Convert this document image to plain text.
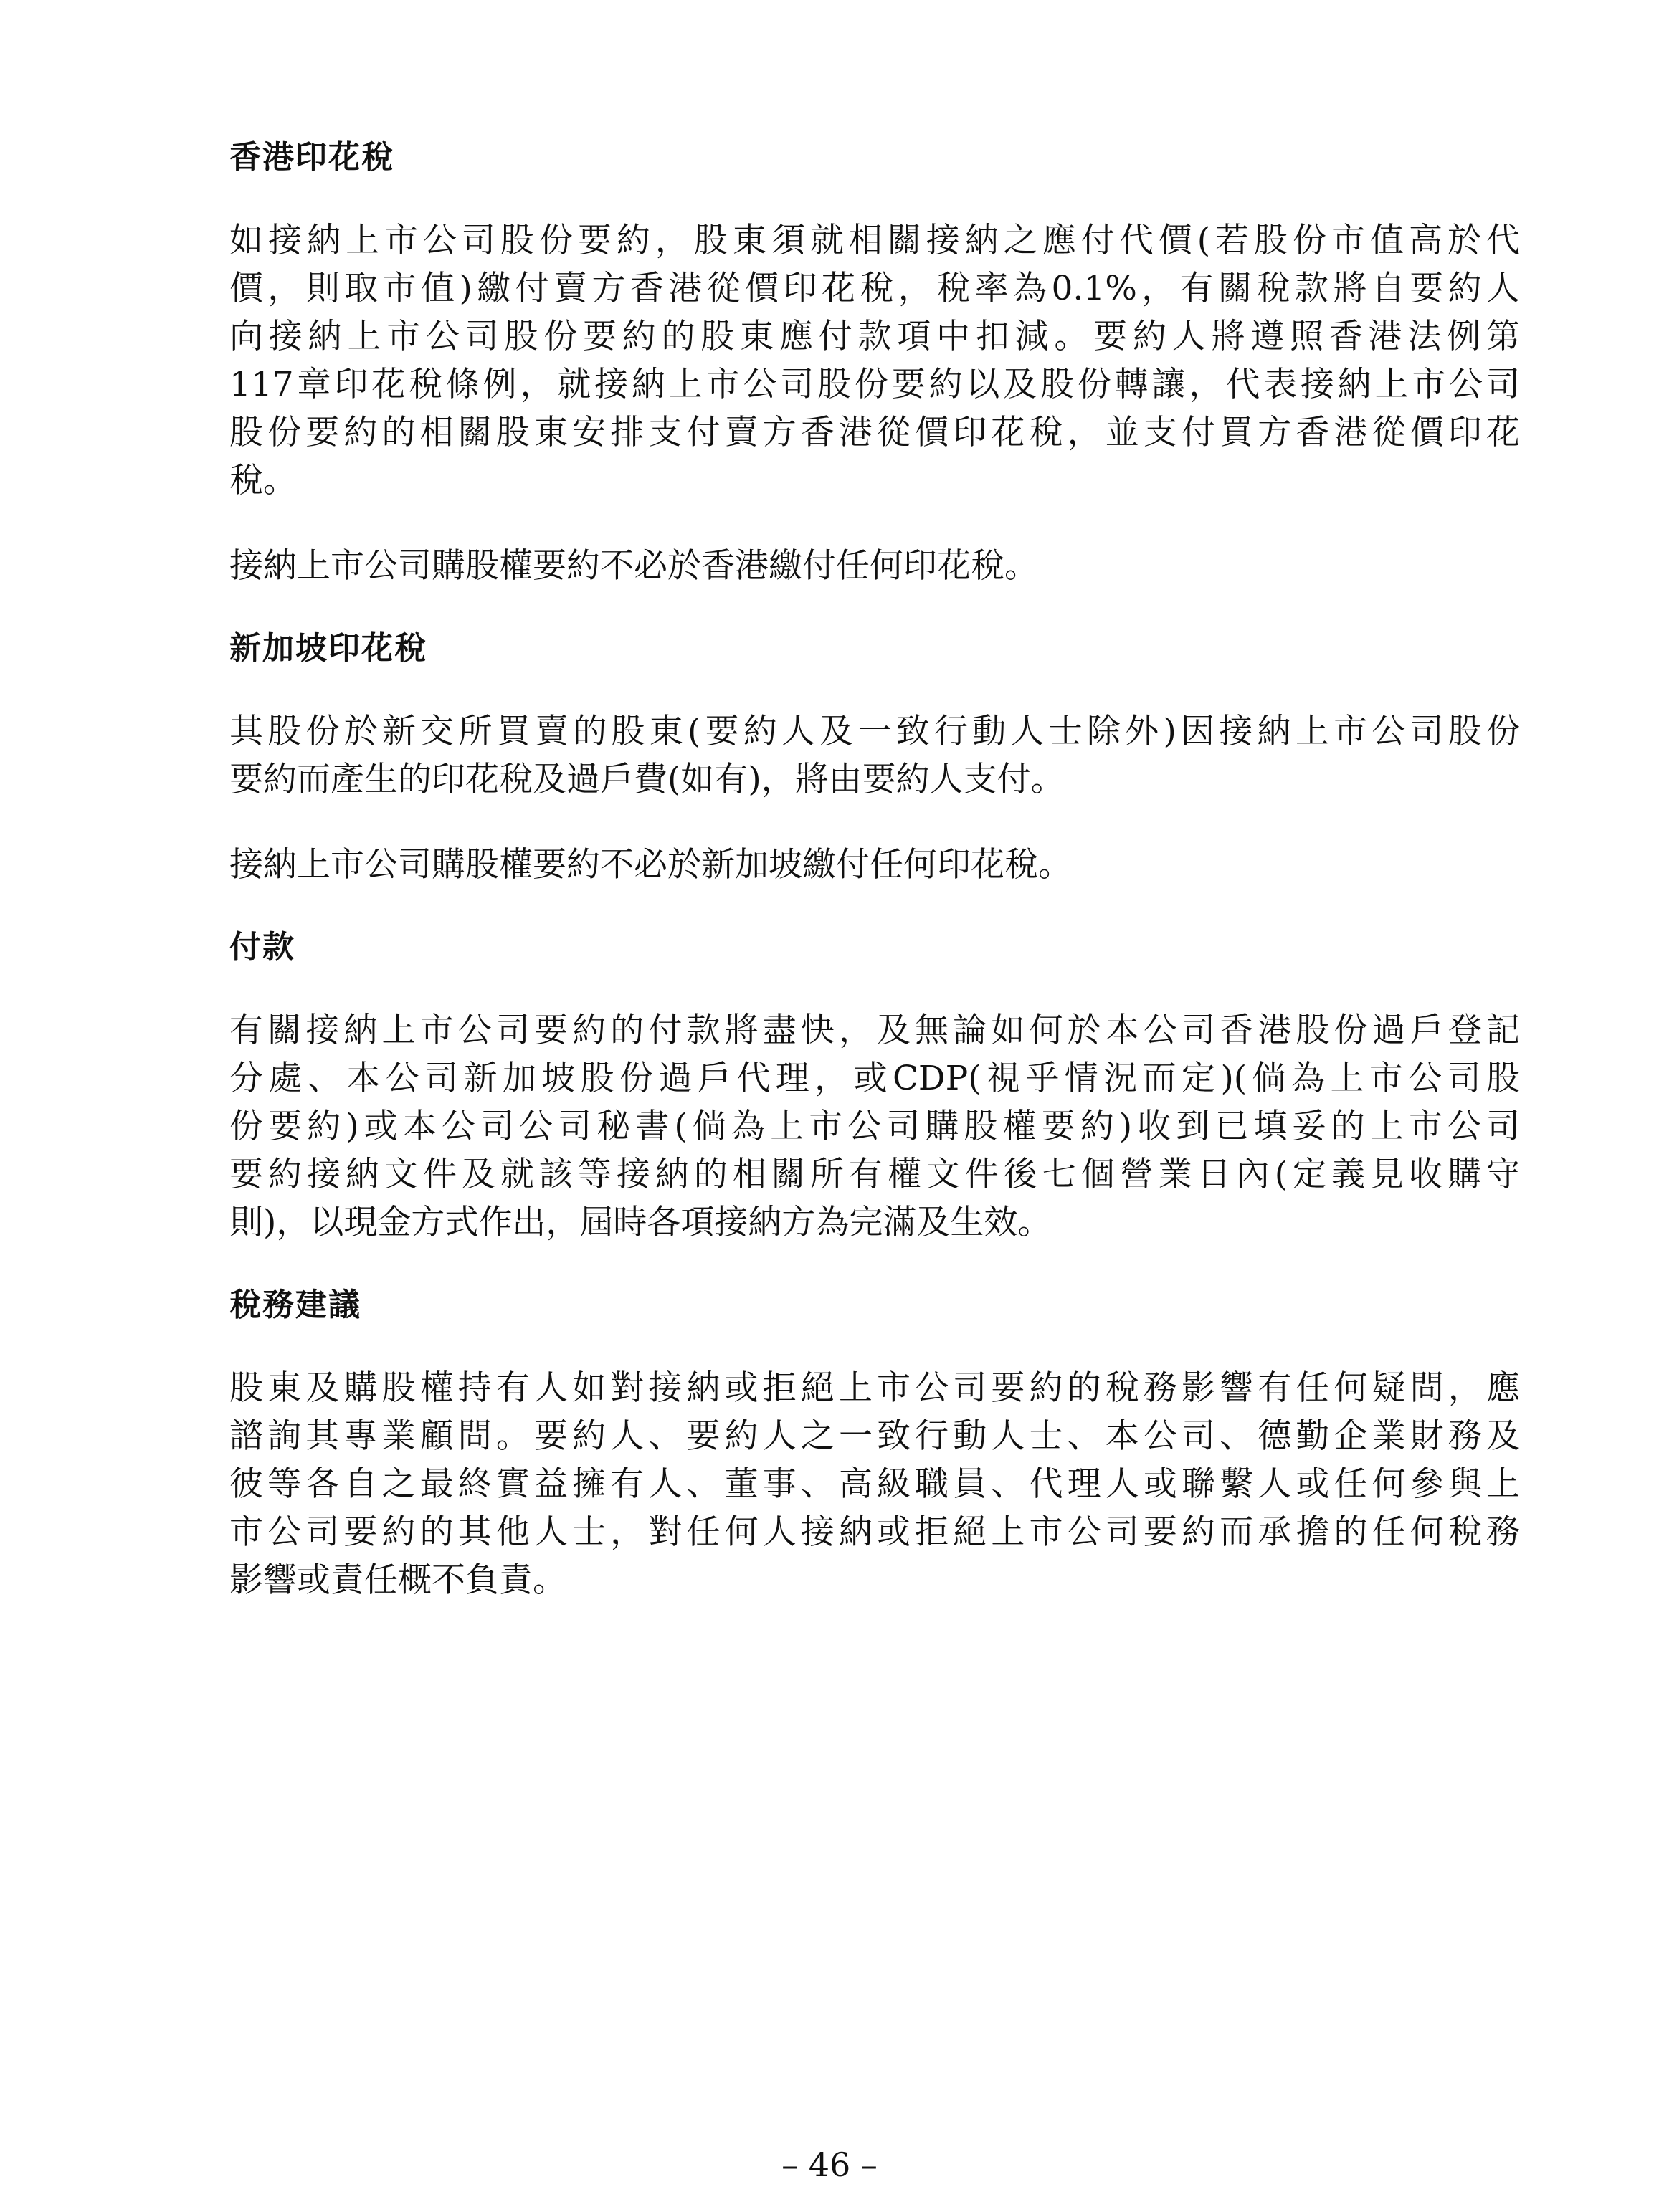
香港印花稅
如接納上市公司股份要約，股東須就相關接納之應付代價(若股份市值高於代
價，則取市值)繳付賣方香港從價印花稅，稅率為0.1%，有關稅款將自要約人
向接納上市公司股份要約的股東應付款項中扣減。要約人將遵照香港法例第
117章印花稅條例，就接納上市公司股份要約以及股份轉讓，代表接納上市公司
股份要約的相關股東安排支付賣方香港從價印花稅，並支付買方香港從價印花
稅。
接納上市公司購股權要約不必於香港繳付任何印花稅。
新加坡印花稅
其股份於新交所買賣的股東(要約人及一致行動人士除外)因接納上市公司股份
要約而產生的印花稅及過戶費(如有)，將由要約人支付。
接納上市公司購股權要約不必於新加坡繳付任何印花稅。
付款
有關接納上市公司要約的付款將盡快，及無論如何於本公司香港股份過戶登記
分處、本公司新加坡股份過戶代理，或CDP(視乎情況而定)(倘為上市公司股
份要約)或本公司公司秘書(倘為上市公司購股權要約)收到已填妥的上市公司
要約接納文件及就該等接納的相關所有權文件後七個營業日內(定義見收購守
則)，以現金方式作出，屆時各項接納方為完滿及生效。
稅務建議
股東及購股權持有人如對接納或拒絕上市公司要約的稅務影響有任何疑問，應
諮詢其專業顧問。要約人、要約人之一致行動人士、本公司、德勤企業財務及
彼等各自之最終實益擁有人、董事、高級職員、代理人或聯繫人或任何參與上
市公司要約的其他人士，對任何人接納或拒絕上市公司要約而承擔的任何稅務
影響或責任概不負責。
– 46 –
